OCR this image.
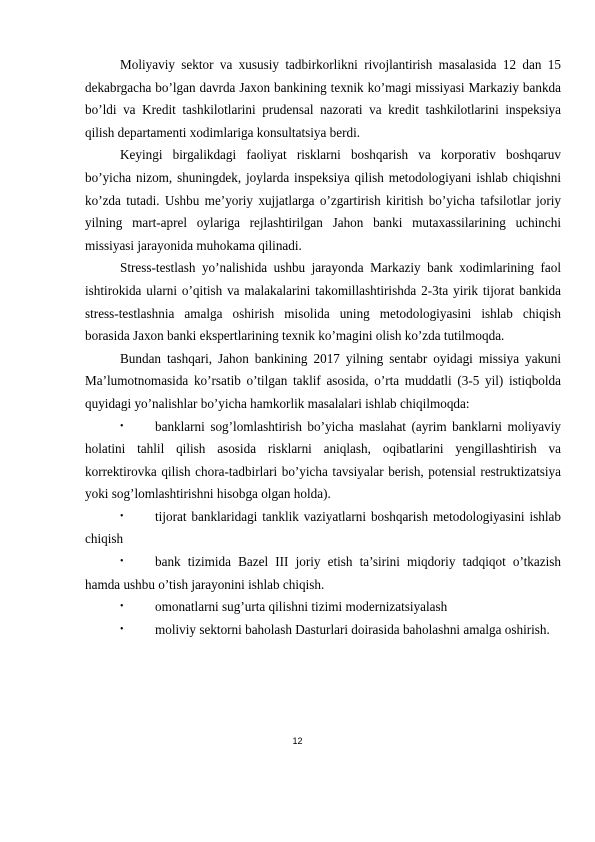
Moliyaviy sektor va xususiy tadbirkorlikni rivojlantirish masalasida 12 dan 15 dekabrgacha bo’lgan davrda Jaxon bankining texnik ko’magi missiyasi Markaziy bankda bo’ldi va Kredit tashkilotlarini prudensal nazorati va kredit tashkilotlarini inspeksiya qilish departamenti xodimlariga konsultatsiya berdi.

Keyingi birgalikdagi faoliyat risklarni boshqarish va korporativ boshqaruv bo’yicha nizom, shuningdek, joylarda inspeksiya qilish metodologiyani ishlab chiqishni ko’zda tutadi. Ushbu me’yoriy xujjatlarga o’zgartirish kiritish bo’yicha tafsilotlar joriy yilning mart-aprel oylariga rejlashtirilgan Jahon banki mutaxassilarining uchinchi missiyasi jarayonida muhokama qilinadi.

Stress-testlash yo’nalishida ushbu jarayonda Markaziy bank xodimlarining faol ishtirokida ularni o’qitish va malakalarini takomillashtirishda 2-3ta yirik tijorat bankida stress-testlashnia amalga oshirish misolida uning metodologiyasini ishlab chiqish borasida Jaxon banki ekspertlarining texnik ko’magini olish ko’zda tutilmoqda.

Bundan tashqari, Jahon bankining 2017 yilning sentabr oyidagi missiya yakuni Ma’lumotnomasida ko’rsatib o’tilgan taklif asosida, o’rta muddatli (3-5 yil) istiqbolda quyidagi yo’nalishlar bo’yicha hamkorlik masalalari ishlab chiqilmoqda:

•	banklarni sog’lomlashtirish bo’yicha maslahat (ayrim banklarni moliyaviy holatini tahlil qilish asosida risklarni aniqlash, oqibatlarini yengillashtirish va korrektirovka qilish chora-tadbirlari bo’yicha tavsiyalar berish, potensial restruktizatsiya yoki sog’lomlashtirishni hisobga olgan holda).

•	tijorat banklaridagi tanklik vaziyatlarni boshqarish metodologiyasini ishlab chiqish

•	bank tizimida Bazel III joriy etish ta’sirini miqdoriy tadqiqot o’tkazish hamda ushbu o’tish jarayonini ishlab chiqish.

•	omonatlarni sug’urta qilishni tizimi modernizatsiyalash

•	moliviy sektorni baholash Dasturlari doirasida baholashni amalga oshirish.

12
